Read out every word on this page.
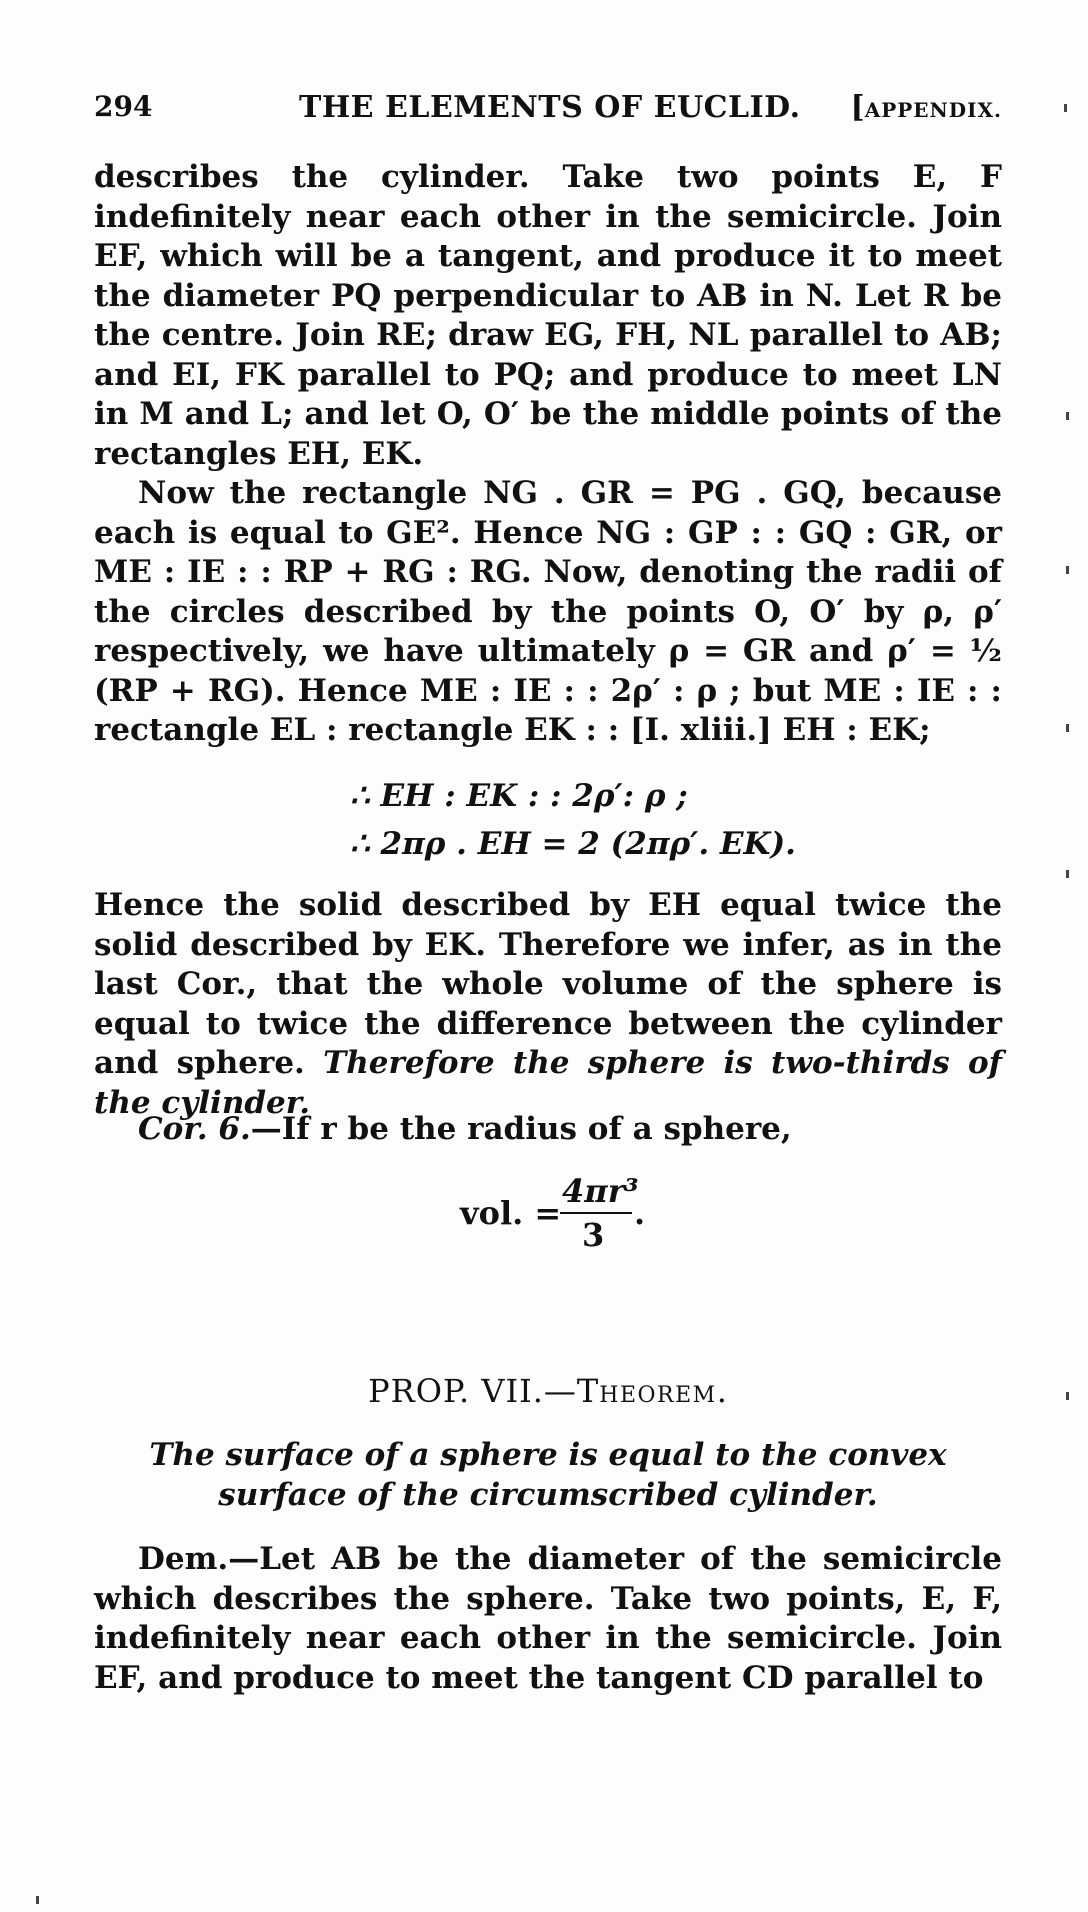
294	THE ELEMENTS OF EUCLID. [APPENDIX.

describes the cylinder. Take two points E, F indefinitely near each other in the semicircle. Join EF, which will be a tangent, and produce it to meet the diameter PQ perpendicular to AB in N. Let R be the centre. Join RE; draw EG, FH, NL parallel to AB; and EI, FK parallel to PQ; and produce to meet LN in M and L; and let O, O′ be the middle points of the rectangles EH, EK.

Now the rectangle NG . GR = PG . GQ, because each is equal to GE². Hence NG : GP : : GQ : GR, or ME : IE : : RP + RG : RG. Now, denoting the radii of the circles described by the points O, O′ by ρ, ρ′ respectively, we have ultimately ρ = GR and ρ′ = ½ (RP + RG). Hence ME : IE : : 2ρ′ : ρ ; but ME : IE : : rectangle EL : rectangle EK : : [I. xliii.] EH : EK;

∴ EH : EK : : 2ρ′: ρ ;
∴ 2πρ . EH = 2 (2πρ′. EK).

Hence the solid described by EH equal twice the solid described by EK. Therefore we infer, as in the last Cor., that the whole volume of the sphere is equal to twice the difference between the cylinder and sphere. Therefore the sphere is two-thirds of the cylinder.

Cor. 6.—If r be the radius of a sphere,

vol. =
4πr³
3
.
PROP. VII.—THEOREM.

The surface of a sphere is equal to the convex surface of the circumscribed cylinder.

Dem.—Let AB be the diameter of the semicircle which describes the sphere. Take two points, E, F, indefinitely near each other in the semicircle. Join EF, and produce to meet the tangent CD parallel to
